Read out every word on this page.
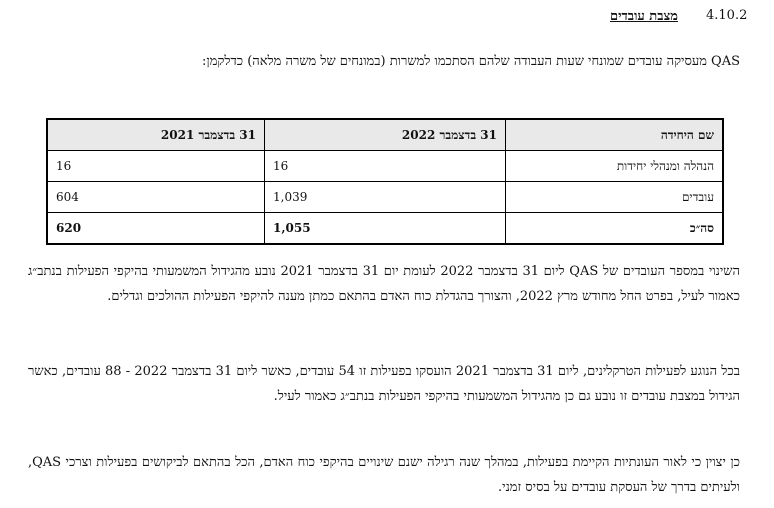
4.10.2
מצבת עובדים
QAS מעסיקה עובדים שמונחי שעות העבודה שלהם הסתכמו למשרות (במונחים של משרה מלאה) כדלקמן:
שם היחידה	31 בדצמבר 2022	31 בדצמבר 2021
הנהלה ומנהלי יחידות	16	16
עובדים	1,039	604
סה״כ	1,055	620
השינוי במספר העובדים של QAS ליום 31 בדצמבר 2022 לעומת יום 31 בדצמבר 2021 נובע מהגידול המשמעותי בהיקפי הפעילות בנתב״ג כאמור לעיל, בפרט החל מחודש מרץ 2022, והצורך בהגדלת כוח האדם בהתאם כמתן מענה להיקפי הפעילות ההולכים וגדלים.
בכל הנוגע לפעילות הטרקלינים, ליום 31 בדצמבר 2021 הועסקו בפעילות זו 54 עובדים, כאשר ליום 31 בדצמבר 2022 - 88 עובדים, כאשר הגידול במצבת עובדים זו נובע גם כן מהגידול המשמעותי בהיקפי הפעילות בנתב״ג כאמור לעיל.
כן יצוין כי לאור העונתיות הקיימת בפעילות, במהלך שנה רגילה ישנם שינויים בהיקפי כוח האדם, הכל בהתאם לביקושים בפעילות וצרכי QAS, ולעיתים בדרך של העסקת עובדים על בסיס זמני.
